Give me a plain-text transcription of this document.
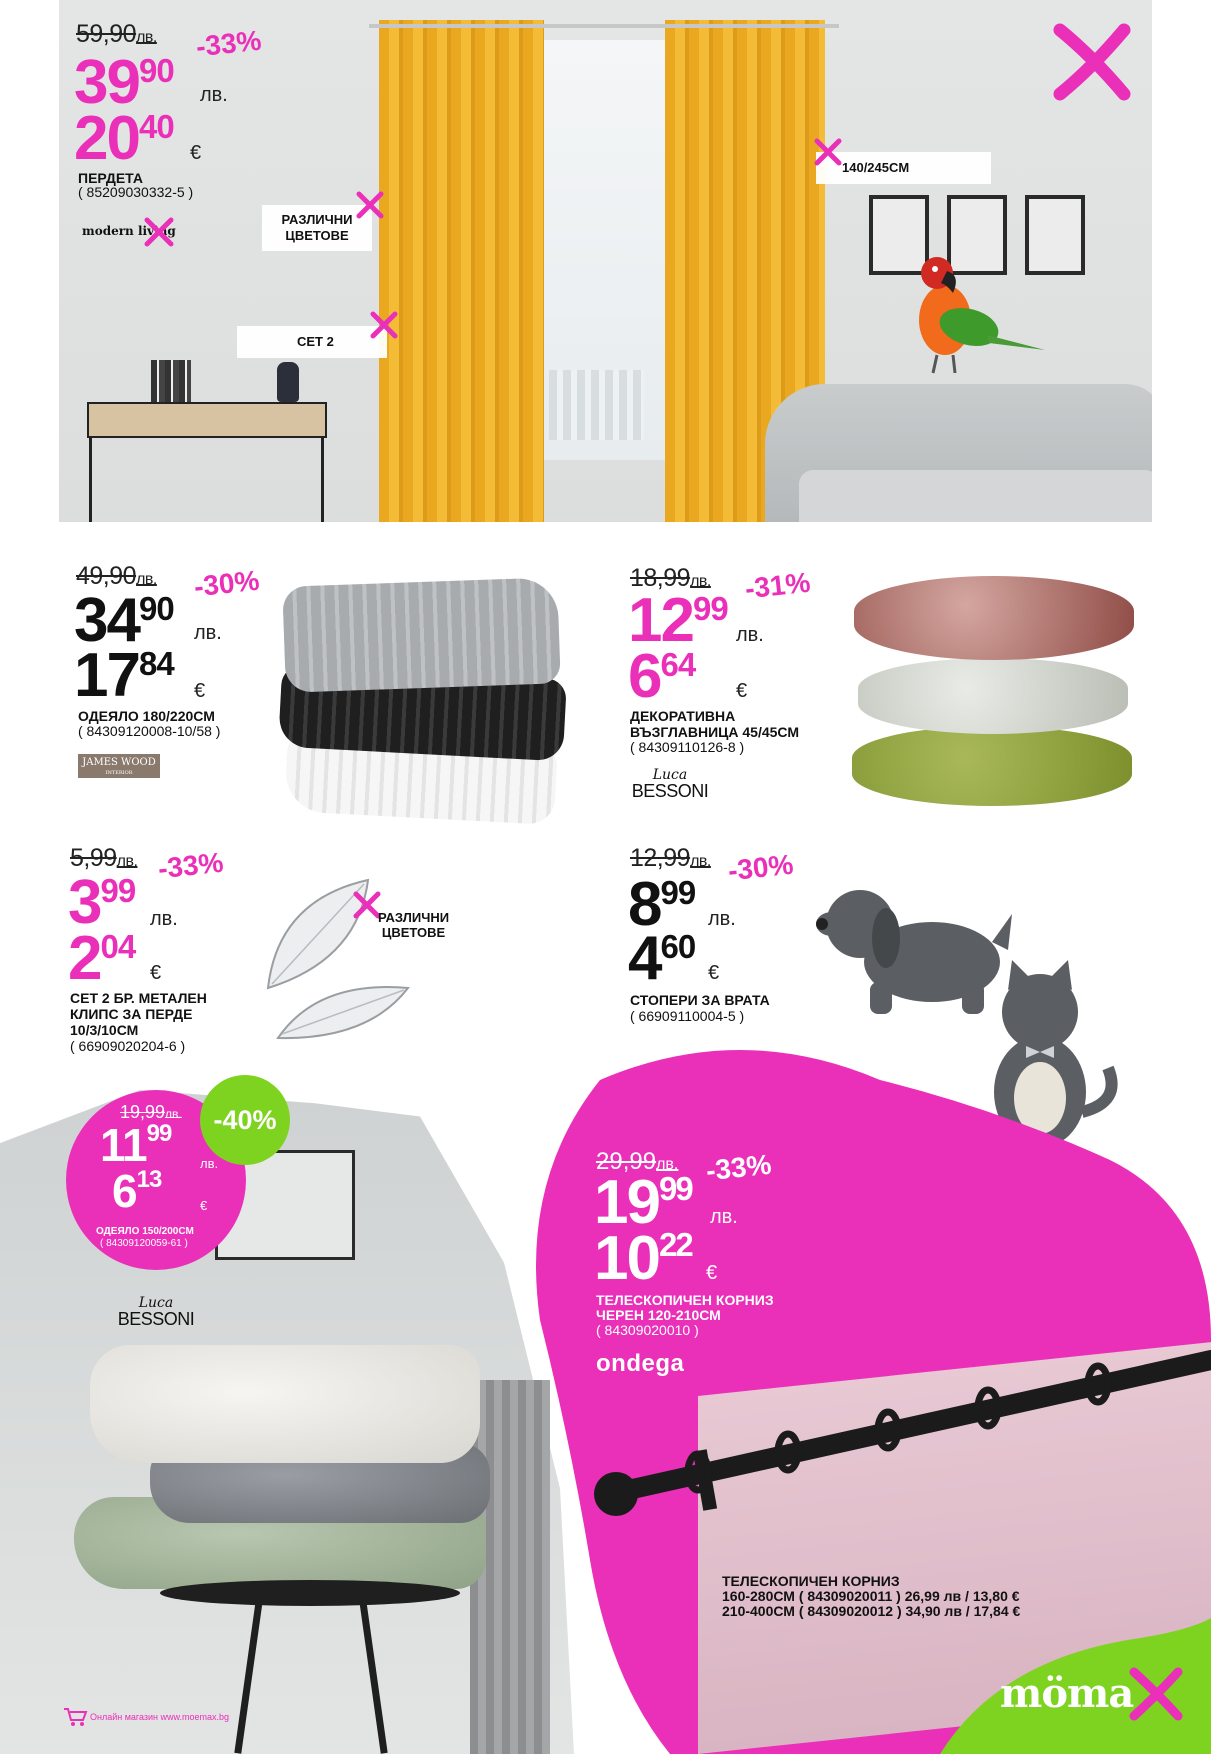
РАЗЛИЧНИ ЦВЕТОВЕ
СЕТ 2
140/245CM
59,90лв. -33%
$39^{90}$
лв.
$20^{40}$
€
ПЕРДЕТА
( 85209030332-5 )
modern living
49,90лв. -30%
$34^{90}$
лв.
$17^{84}$
€
ОДЕЯЛО 180/220СМ
( 84309120008-10/58 )
JAMES WOOD
INTERIOR
18,99лв. -31%
$12^{99}$
лв.
$6^{64}$
€
ДЕКОРАТИВНА
ВЪЗГЛАВНИЦА 45/45СМ
( 84309110126-8 )
Luca
BESSONI
5,99лв. -33%
$3^{99}$
лв.
$2^{04}$
€
СЕТ 2 БР. МЕТАЛЕН
КЛИПС ЗА ПЕРДЕ
10/3/10СМ
( 66909020204-6 )
РАЗЛИЧНИ
ЦВЕТОВЕ
12,99лв. -30%
$8^{99}$
лв.
$4^{60}$
€
СТОПЕРИ ЗА ВРАТА
( 66909110004-5 )
-40%
19,99лв.
$11^{99}$
лв.
$6^{13}$
€
ОДЕЯЛО 150/200СМ
( 84309120059-61 )
Luca
BESSONI
29,99лв. -33%
$19^{99}$
лв.
$10^{22}$
€
ТЕЛЕСКОПИЧЕН КОРНИЗ
ЧЕРЕН 120-210СМ
( 84309020010 )
ondega
ТЕЛЕСКОПИЧЕН КОРНИЗ
160-280СМ ( 84309020011 ) 26,99 лв / 13,80 €
210-400СМ ( 84309020012 ) 34,90 лв / 17,84 €
möma
Онлайн магазин www.moemax.bg
